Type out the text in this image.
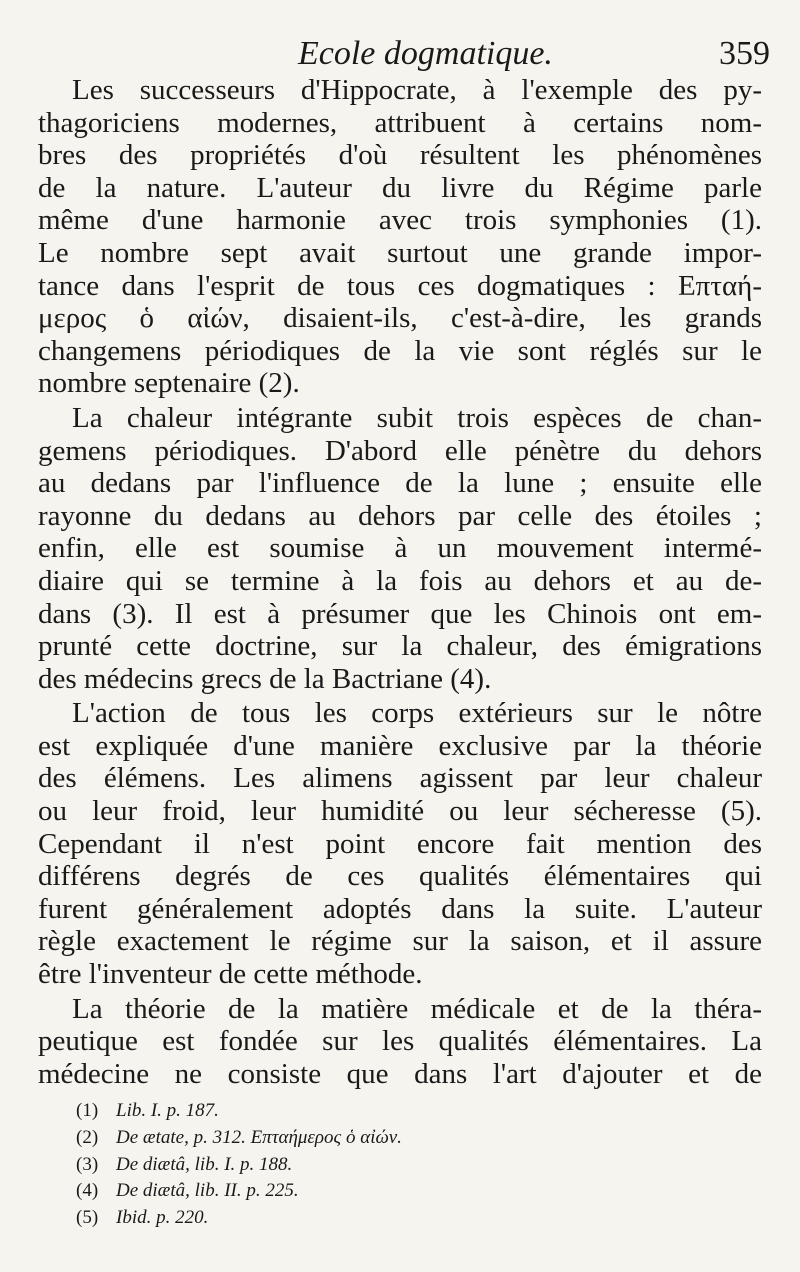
Ecole dogmatique.	359
Les successeurs d'Hippocrate, à l'exemple des py-
thagoriciens modernes, attribuent à certains nom-
bres des propriétés d'où résultent les phénomènes
de la nature. L'auteur du livre du Régime parle
même d'une harmonie avec trois symphonies (1).
Le nombre sept avait surtout une grande impor-
tance dans l'esprit de tous ces dogmatiques : Επταή-
μερος ὁ αἰών, disaient-ils, c'est-à-dire, les grands
changemens périodiques de la vie sont réglés sur le
nombre septenaire (2).
La chaleur intégrante subit trois espèces de chan-
gemens périodiques. D'abord elle pénètre du dehors
au dedans par l'influence de la lune ; ensuite elle
rayonne du dedans au dehors par celle des étoiles ;
enfin, elle est soumise à un mouvement intermé-
diaire qui se termine à la fois au dehors et au de-
dans (3). Il est à présumer que les Chinois ont em-
prunté cette doctrine, sur la chaleur, des émigrations
des médecins grecs de la Bactriane (4).
L'action de tous les corps extérieurs sur le nôtre
est expliquée d'une manière exclusive par la théorie
des élémens. Les alimens agissent par leur chaleur
ou leur froid, leur humidité ou leur sécheresse (5).
Cependant il n'est point encore fait mention des
différens degrés de ces qualités élémentaires qui
furent généralement adoptés dans la suite. L'auteur
règle exactement le régime sur la saison, et il assure
être l'inventeur de cette méthode.
La théorie de la matière médicale et de la théra-
peutique est fondée sur les qualités élémentaires. La
médecine ne consiste que dans l'art d'ajouter et de
(1) Lib. I. p. 187.
(2) De ætate, p. 312. Επταήμερος ὁ αἰών.
(3) De diætâ, lib. I. p. 188.
(4) De diætâ, lib. II. p. 225.
(5) Ibid. p. 220.
